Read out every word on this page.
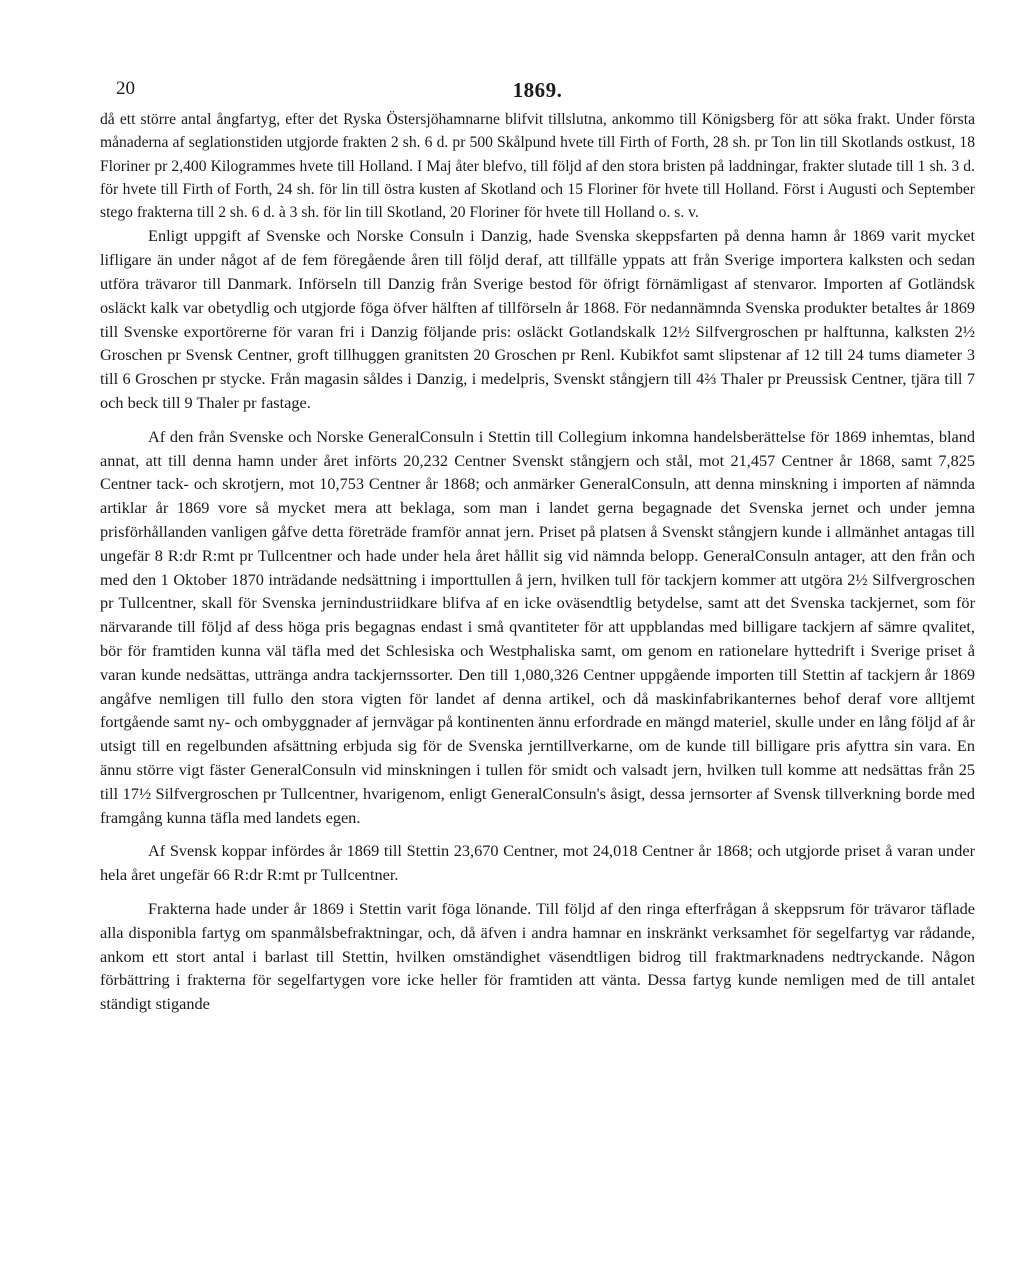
20	1869.

då ett större antal ångfartyg, efter det Ryska Östersjöhamnarne blifvit tillslutna, ankommo till Königsberg för att söka frakt. Under första månaderna af seglationstiden utgjorde frakten 2 sh. 6 d. pr 500 Skålpund hvete till Firth of Forth, 28 sh. pr Ton lin till Skotlands ostkust, 18 Floriner pr 2,400 Kilogrammes hvete till Holland. I Maj åter blefvo, till följd af den stora bristen på laddningar, frakter slutade till 1 sh. 3 d. för hvete till Firth of Forth, 24 sh. för lin till östra kusten af Skotland och 15 Floriner för hvete till Holland. Först i Augusti och September stego frakterna till 2 sh. 6 d. à 3 sh. för lin till Skotland, 20 Floriner för hvete till Holland o. s. v.

Enligt uppgift af Svenske och Norske Consuln i Danzig, hade Svenska skeppsfarten på denna hamn år 1869 varit mycket lifligare än under något af de fem föregående åren till följd deraf, att tillfälle yppats att från Sverige importera kalksten och sedan utföra trävaror till Danmark. Införseln till Danzig från Sverige bestod för öfrigt förnämligast af stenvaror. Importen af Gotländsk osläckt kalk var obetydlig och utgjorde föga öfver hälften af tillförseln år 1868. För nedannämnda Svenska produkter betaltes år 1869 till Svenske exportörerne för varan fri i Danzig följande pris: osläckt Gotlandskalk 12½ Silfvergroschen pr halftunna, kalksten 2½ Groschen pr Svensk Centner, groft tillhuggen granitsten 20 Groschen pr Renl. Kubikfot samt slipstenar af 12 till 24 tums diameter 3 till 6 Groschen pr stycke. Från magasin såldes i Danzig, i medelpris, Svenskt stångjern till 4⅔ Thaler pr Preussisk Centner, tjära till 7 och beck till 9 Thaler pr fastage.

Af den från Svenske och Norske GeneralConsuln i Stettin till Collegium inkomna handelsberättelse för 1869 inhemtas, bland annat, att till denna hamn under året införts 20,232 Centner Svenskt stångjern och stål, mot 21,457 Centner år 1868, samt 7,825 Centner tack- och skrotjern, mot 10,753 Centner år 1868; och anmärker GeneralConsuln, att denna minskning i importen af nämnda artiklar år 1869 vore så mycket mera att beklaga, som man i landet gerna begagnade det Svenska jernet och under jemna prisförhållanden vanligen gåfve detta företräde framför annat jern. Priset på platsen å Svenskt stångjern kunde i allmänhet antagas till ungefär 8 R:dr R:mt pr Tullcentner och hade under hela året hållit sig vid nämnda belopp. GeneralConsuln antager, att den från och med den 1 Oktober 1870 inträdande nedsättning i importtullen å jern, hvilken tull för tackjern kommer att utgöra 2½ Silfvergroschen pr Tullcentner, skall för Svenska jernindustriidkare blifva af en icke oväsendtlig betydelse, samt att det Svenska tackjernet, som för närvarande till följd af dess höga pris begagnas endast i små qvantiteter för att uppblandas med billigare tackjern af sämre qvalitet, bör för framtiden kunna väl täfla med det Schlesiska och Westphaliska samt, om genom en rationelare hyttedrift i Sverige priset å varan kunde nedsättas, uttränga andra tackjernssorter. Den till 1,080,326 Centner uppgående importen till Stettin af tackjern år 1869 angåfve nemligen till fullo den stora vigten för landet af denna artikel, och då maskinfabrikanternes behof deraf vore alltjemt fortgående samt ny- och ombyggnader af jernvägar på kontinenten ännu erfordrade en mängd materiel, skulle under en lång följd af år utsigt till en regelbunden afsättning erbjuda sig för de Svenska jerntillverkarne, om de kunde till billigare pris afyttra sin vara. En ännu större vigt fäster GeneralConsuln vid minskningen i tullen för smidt och valsadt jern, hvilken tull komme att nedsättas från 25 till 17½ Silfvergroschen pr Tullcentner, hvarigenom, enligt GeneralConsuln's åsigt, dessa jernsorter af Svensk tillverkning borde med framgång kunna täfla med landets egen.

Af Svensk koppar infördes år 1869 till Stettin 23,670 Centner, mot 24,018 Centner år 1868; och utgjorde priset å varan under hela året ungefär 66 R:dr R:mt pr Tullcentner.

Frakterna hade under år 1869 i Stettin varit föga lönande. Till följd af den ringa efterfrågan å skeppsrum för trävaror täflade alla disponibla fartyg om spanmålsbefraktningar, och, då äfven i andra hamnar en inskränkt verksamhet för segelfartyg var rådande, ankom ett stort antal i barlast till Stettin, hvilken omständighet väsendtligen bidrog till fraktmarknadens nedtryckande. Någon förbättring i frakterna för segelfartygen vore icke heller för framtiden att vänta. Dessa fartyg kunde nemligen med de till antalet ständigt stigande
